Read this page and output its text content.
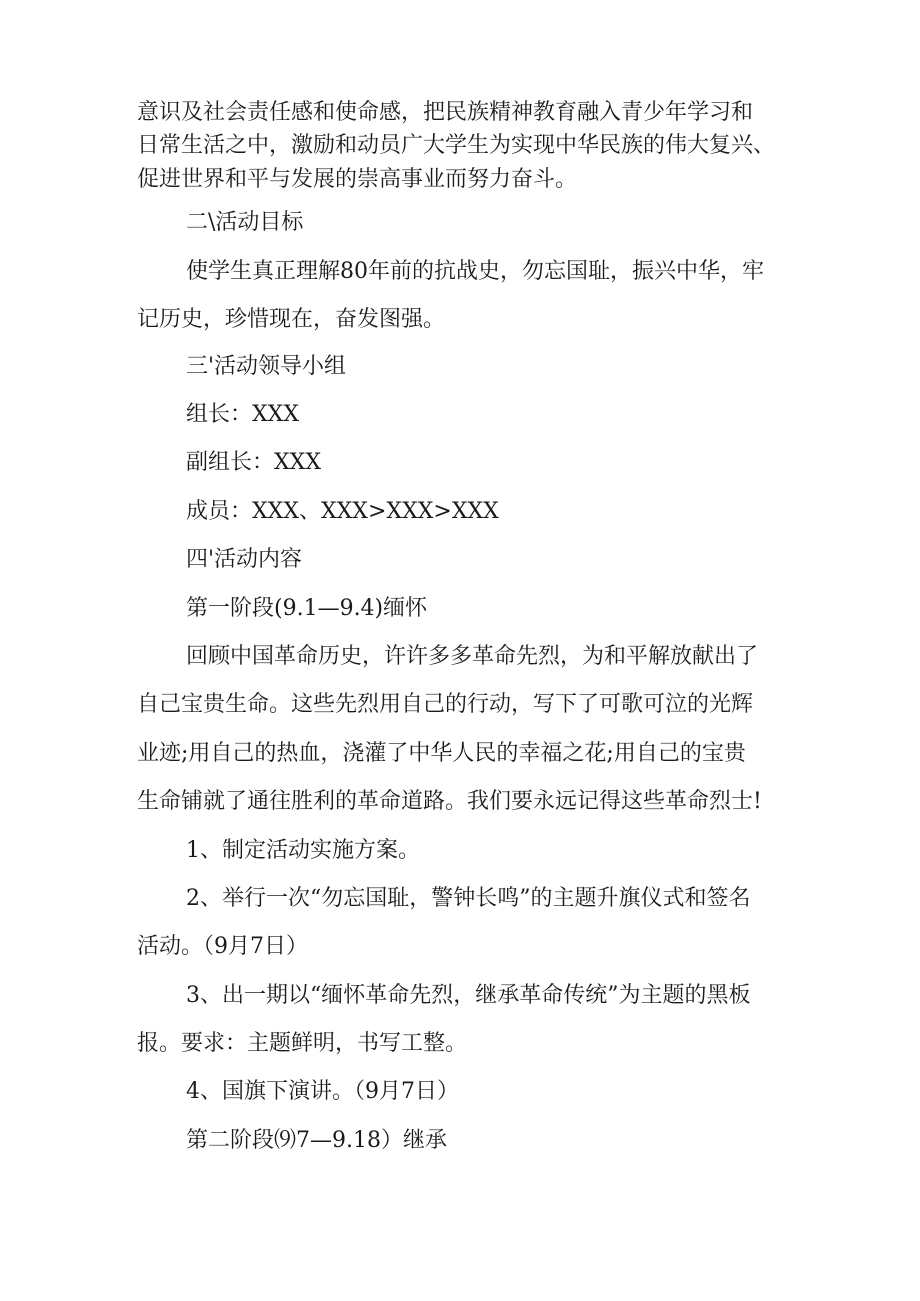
意识及社会责任感和使命感，把民族精神教育融入青少年学习和
日常生活之中，激励和动员广大学生为实现中华民族的伟大复兴、
促进世界和平与发展的崇高事业而努力奋斗。
二\活动目标
使学生真正理解80年前的抗战史，勿忘国耻，振兴中华，牢
记历史，珍惜现在，奋发图强。
三'活动领导小组
组长：XXX
副组长：XXX
成员：XXX、XXX>XXX>XXX
四'活动内容
第一阶段(9.1—9.4)缅怀
回顾中国革命历史，许许多多革命先烈，为和平解放献出了
自己宝贵生命。这些先烈用自己的行动，写下了可歌可泣的光辉
业迹;用自己的热血，浇灌了中华人民的幸福之花;用自己的宝贵
生命铺就了通往胜利的革命道路。我们要永远记得这些革命烈士!
1、制定活动实施方案。
2、举行一次“勿忘国耻，警钟长鸣”的主题升旗仪式和签名
活动。（9月7日）
3、出一期以“缅怀革命先烈，继承革命传统”为主题的黑板
报。要求：主题鲜明，书写工整。
4、国旗下演讲。（9月7日）
第二阶段⑼7—9.18）继承
